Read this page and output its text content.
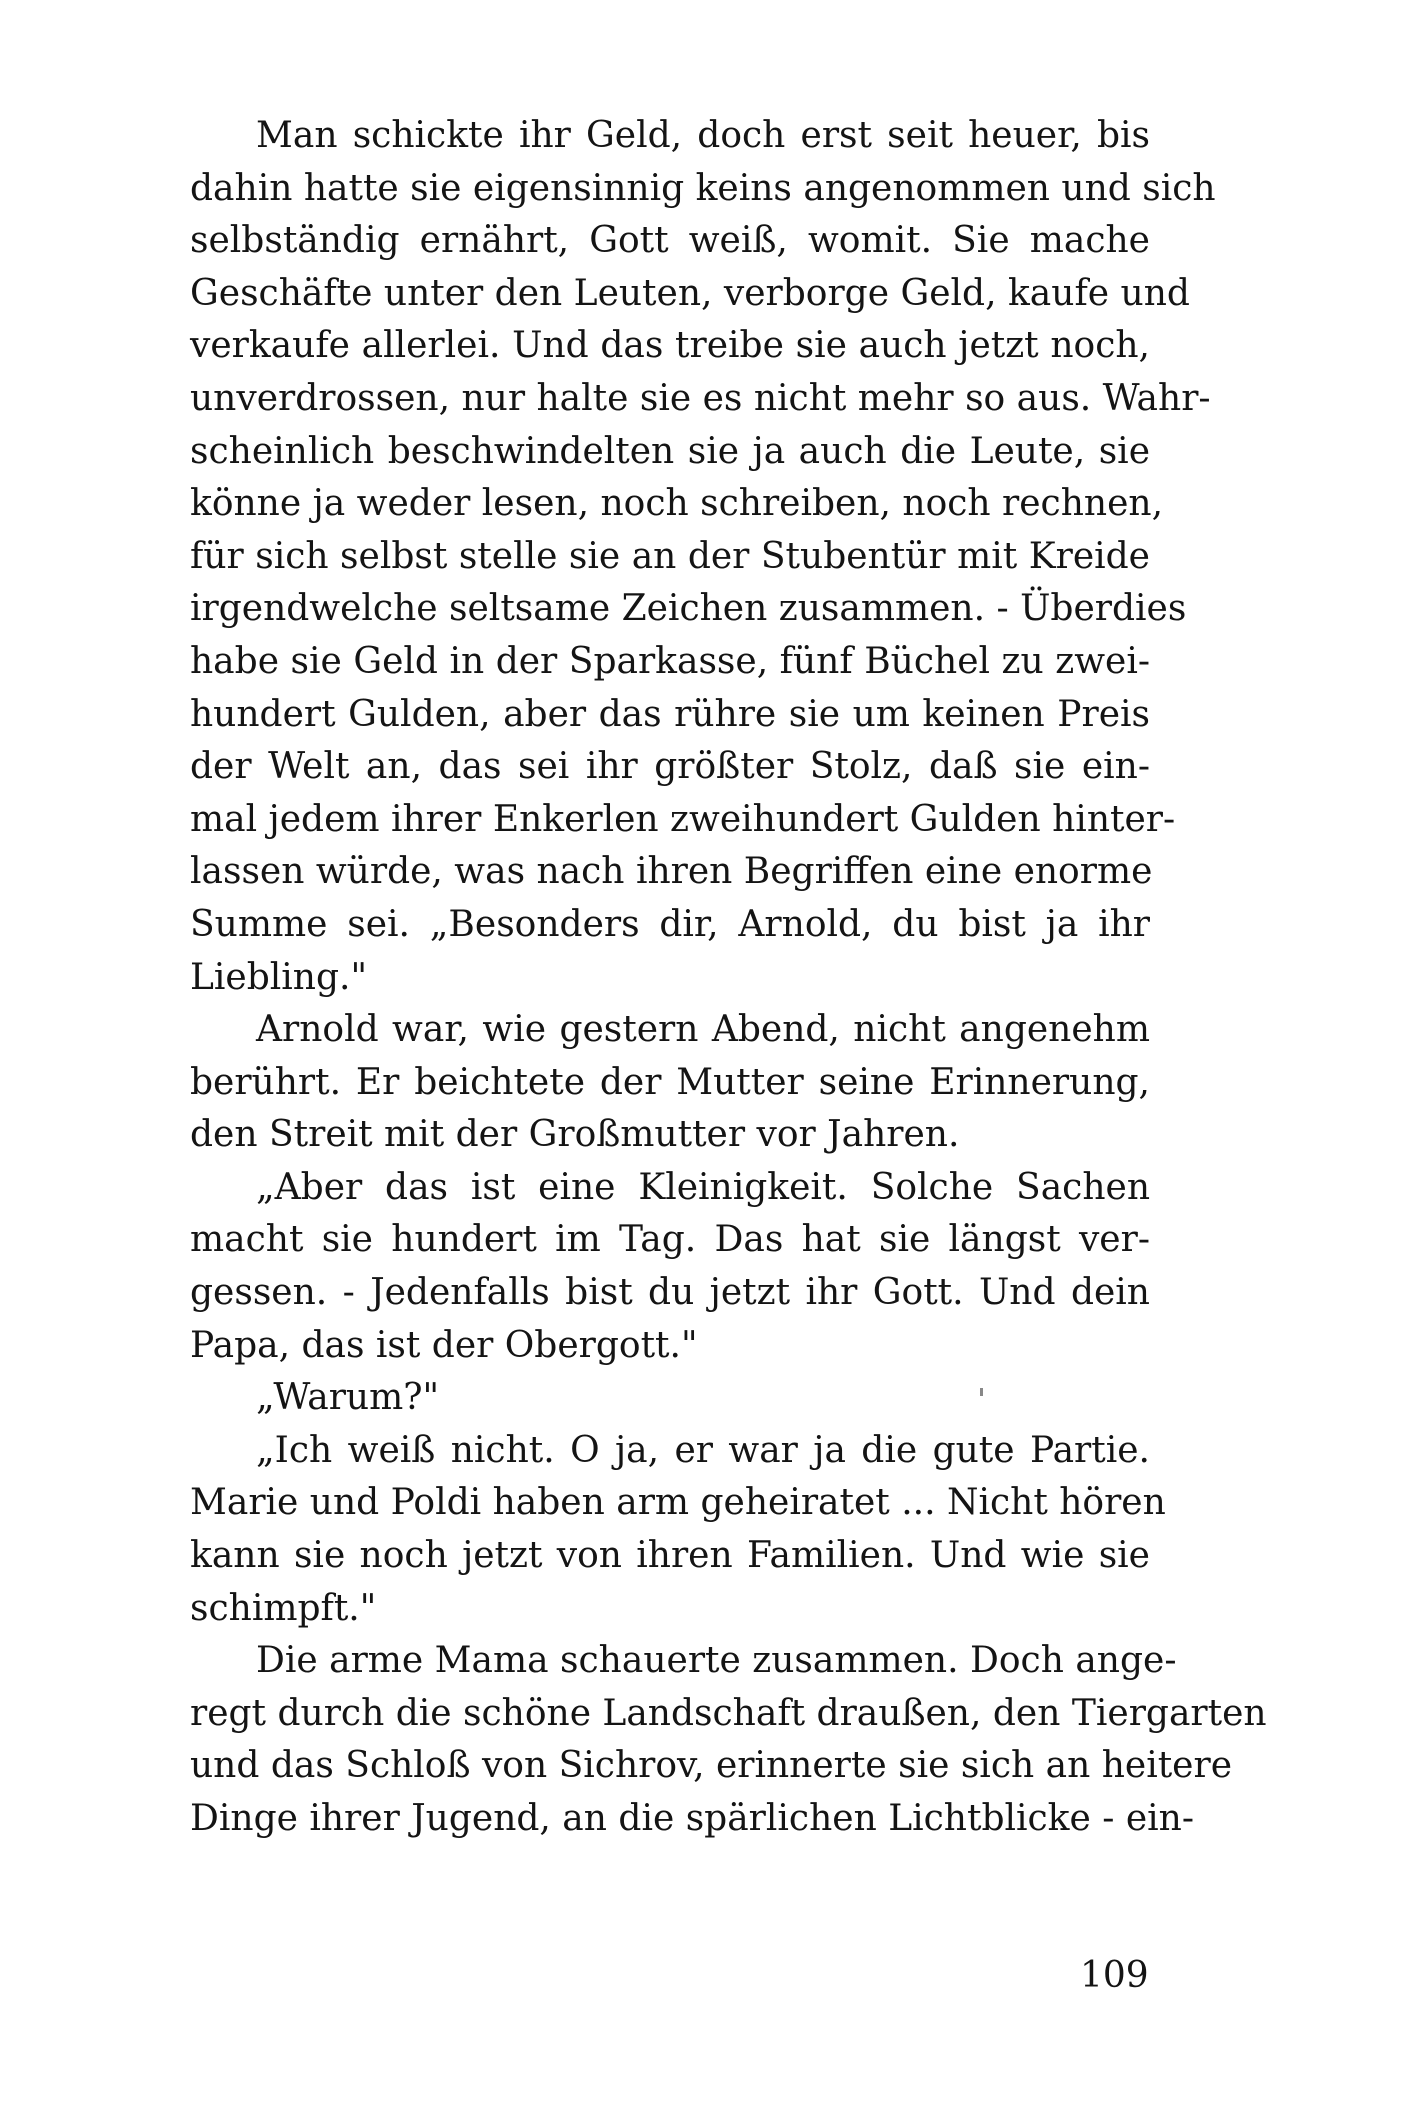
Man schickte ihr Geld, doch erst seit heuer, bis
dahin hatte sie eigensinnig keins angenommen und sich
selbständig ernährt, Gott weiß, womit. Sie mache
Geschäfte unter den Leuten, verborge Geld, kaufe und
verkaufe allerlei. Und das treibe sie auch jetzt noch,
unverdrossen, nur halte sie es nicht mehr so aus. Wahr-
scheinlich beschwindelten sie ja auch die Leute, sie
könne ja weder lesen, noch schreiben, noch rechnen,
für sich selbst stelle sie an der Stubentür mit Kreide
irgendwelche seltsame Zeichen zusammen. - Überdies
habe sie Geld in der Sparkasse, fünf Büchel zu zwei-
hundert Gulden, aber das rühre sie um keinen Preis
der Welt an, das sei ihr größter Stolz, daß sie ein-
mal jedem ihrer Enkerlen zweihundert Gulden hinter-
lassen würde, was nach ihren Begriffen eine enorme
Summe sei. „Besonders dir, Arnold, du bist ja ihr
Liebling."
Arnold war, wie gestern Abend, nicht angenehm
berührt. Er beichtete der Mutter seine Erinnerung,
den Streit mit der Großmutter vor Jahren.
„Aber das ist eine Kleinigkeit. Solche Sachen
macht sie hundert im Tag. Das hat sie längst ver-
gessen. - Jedenfalls bist du jetzt ihr Gott. Und dein
Papa, das ist der Obergott."
„Warum?"
„Ich weiß nicht. O ja, er war ja die gute Partie.
Marie und Poldi haben arm geheiratet ... Nicht hören
kann sie noch jetzt von ihren Familien. Und wie sie
schimpft."
Die arme Mama schauerte zusammen. Doch ange-
regt durch die schöne Landschaft draußen, den Tiergarten
und das Schloß von Sichrov, erinnerte sie sich an heitere
Dinge ihrer Jugend, an die spärlichen Lichtblicke - ein-
109
